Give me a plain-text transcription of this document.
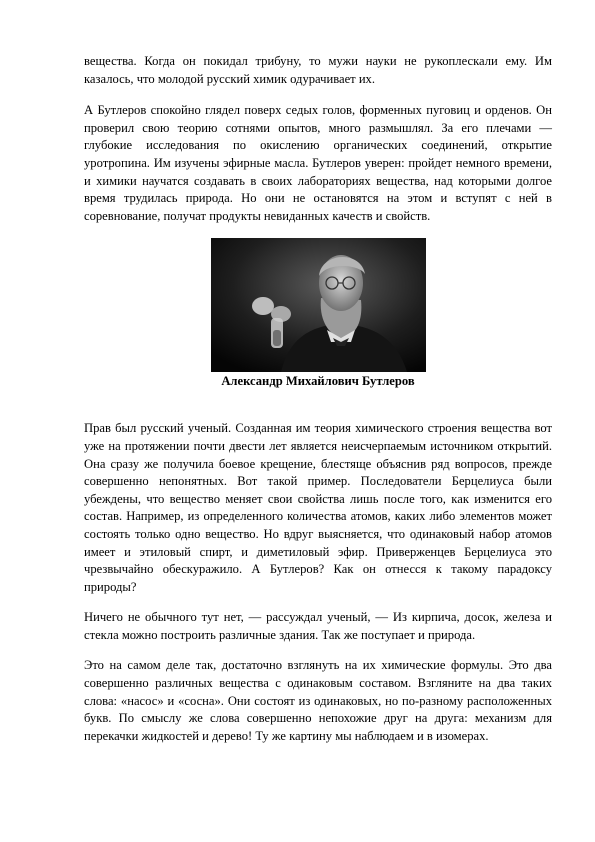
вещества. Когда он покидал трибуну, то мужи науки не рукоплескали ему. Им казалось, что молодой русский химик одурачивает их.

А Бутлеров спокойно глядел поверх седых голов, форменных пуговиц и орденов. Он проверил свою теорию сотнями опытов, много размышлял. За его плечами — глубокие исследования по окислению органических соединений, открытие уротропина. Им изучены эфирные масла. Бутлеров уверен: пройдет немного времени, и химики научатся создавать в своих лабораториях вещества, над которыми долгое время трудилась природа. Но они не остановятся на этом и вступят с ней в соревнование, получат продукты невиданных качеств и свойств.

Александр Михайлович Бутлеров

Прав был русский ученый. Созданная им теория химического строения вещества вот уже на протяжении почти двести лет является неисчерпаемым источником открытий. Она сразу же получила боевое крещение, блестяще объяснив ряд вопросов, прежде совершенно непонятных. Вот такой пример. Последователи Берцелиуса были убеждены, что вещество меняет свои свойства лишь после того, как изменится его состав. Например, из определенного количества атомов, каких либо элементов может состоять только одно вещество. Но вдруг выясняется, что одинаковый набор атомов имеет и этиловый спирт, и диметиловый эфир. Приверженцев Берцелиуса это чрезвычайно обескуражило. А Бутлеров? Как он отнесся к такому парадоксу природы?

Ничего не обычного тут нет, — рассуждал ученый, — Из кирпича, досок, железа и стекла можно построить различные здания. Так же поступает и природа.

Это на самом деле так, достаточно взглянуть на их химические формулы. Это два совершенно различных вещества с одинаковым составом. Взгляните на два таких слова: «насос» и «сосна». Они состоят из одинаковых, но по-разному расположенных букв. По смыслу же слова совершенно непохожие друг на друга: механизм для перекачки жидкостей и дерево! Ту же картину мы наблюдаем и в изомерах.
